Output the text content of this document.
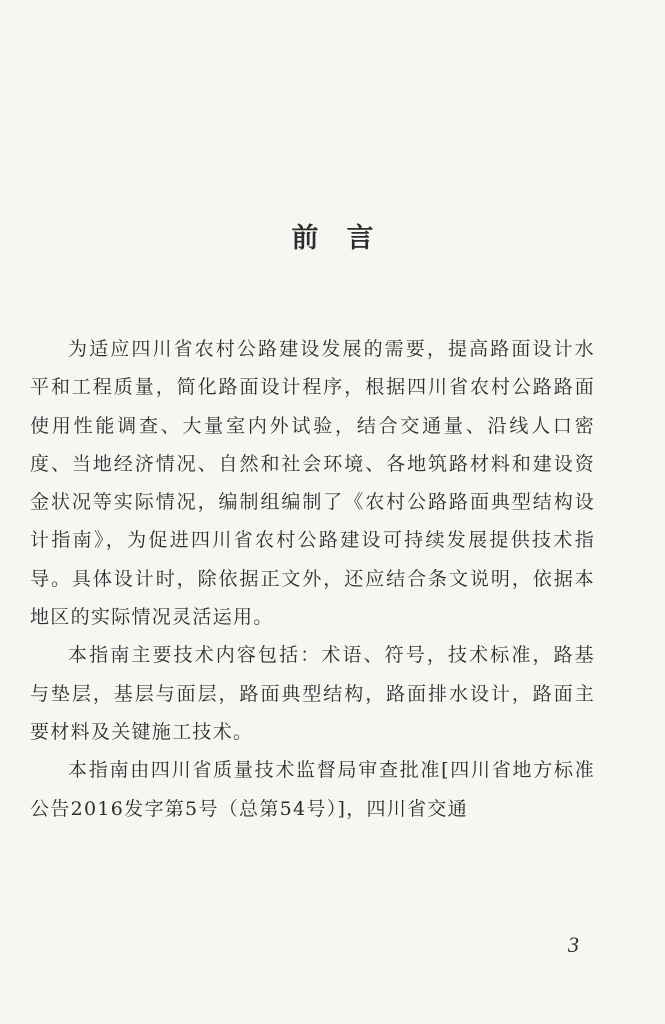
前言

为适应四川省农村公路建设发展的需要，提高路面设计水平和工程质量，简化路面设计程序，根据四川省农村公路路面使用性能调查、大量室内外试验，结合交通量、沿线人口密度、当地经济情况、自然和社会环境、各地筑路材料和建设资金状况等实际情况，编制组编制了《农村公路路面典型结构设计指南》，为促进四川省农村公路建设可持续发展提供技术指导。具体设计时，除依据正文外，还应结合条文说明，依据本地区的实际情况灵活运用。

本指南主要技术内容包括：术语、符号，技术标准，路基与垫层，基层与面层，路面典型结构，路面排水设计，路面主要材料及关键施工技术。

本指南由四川省质量技术监督局审查批准[四川省地方标准公告2016发字第5号（总第54号）]，四川省交通

3
